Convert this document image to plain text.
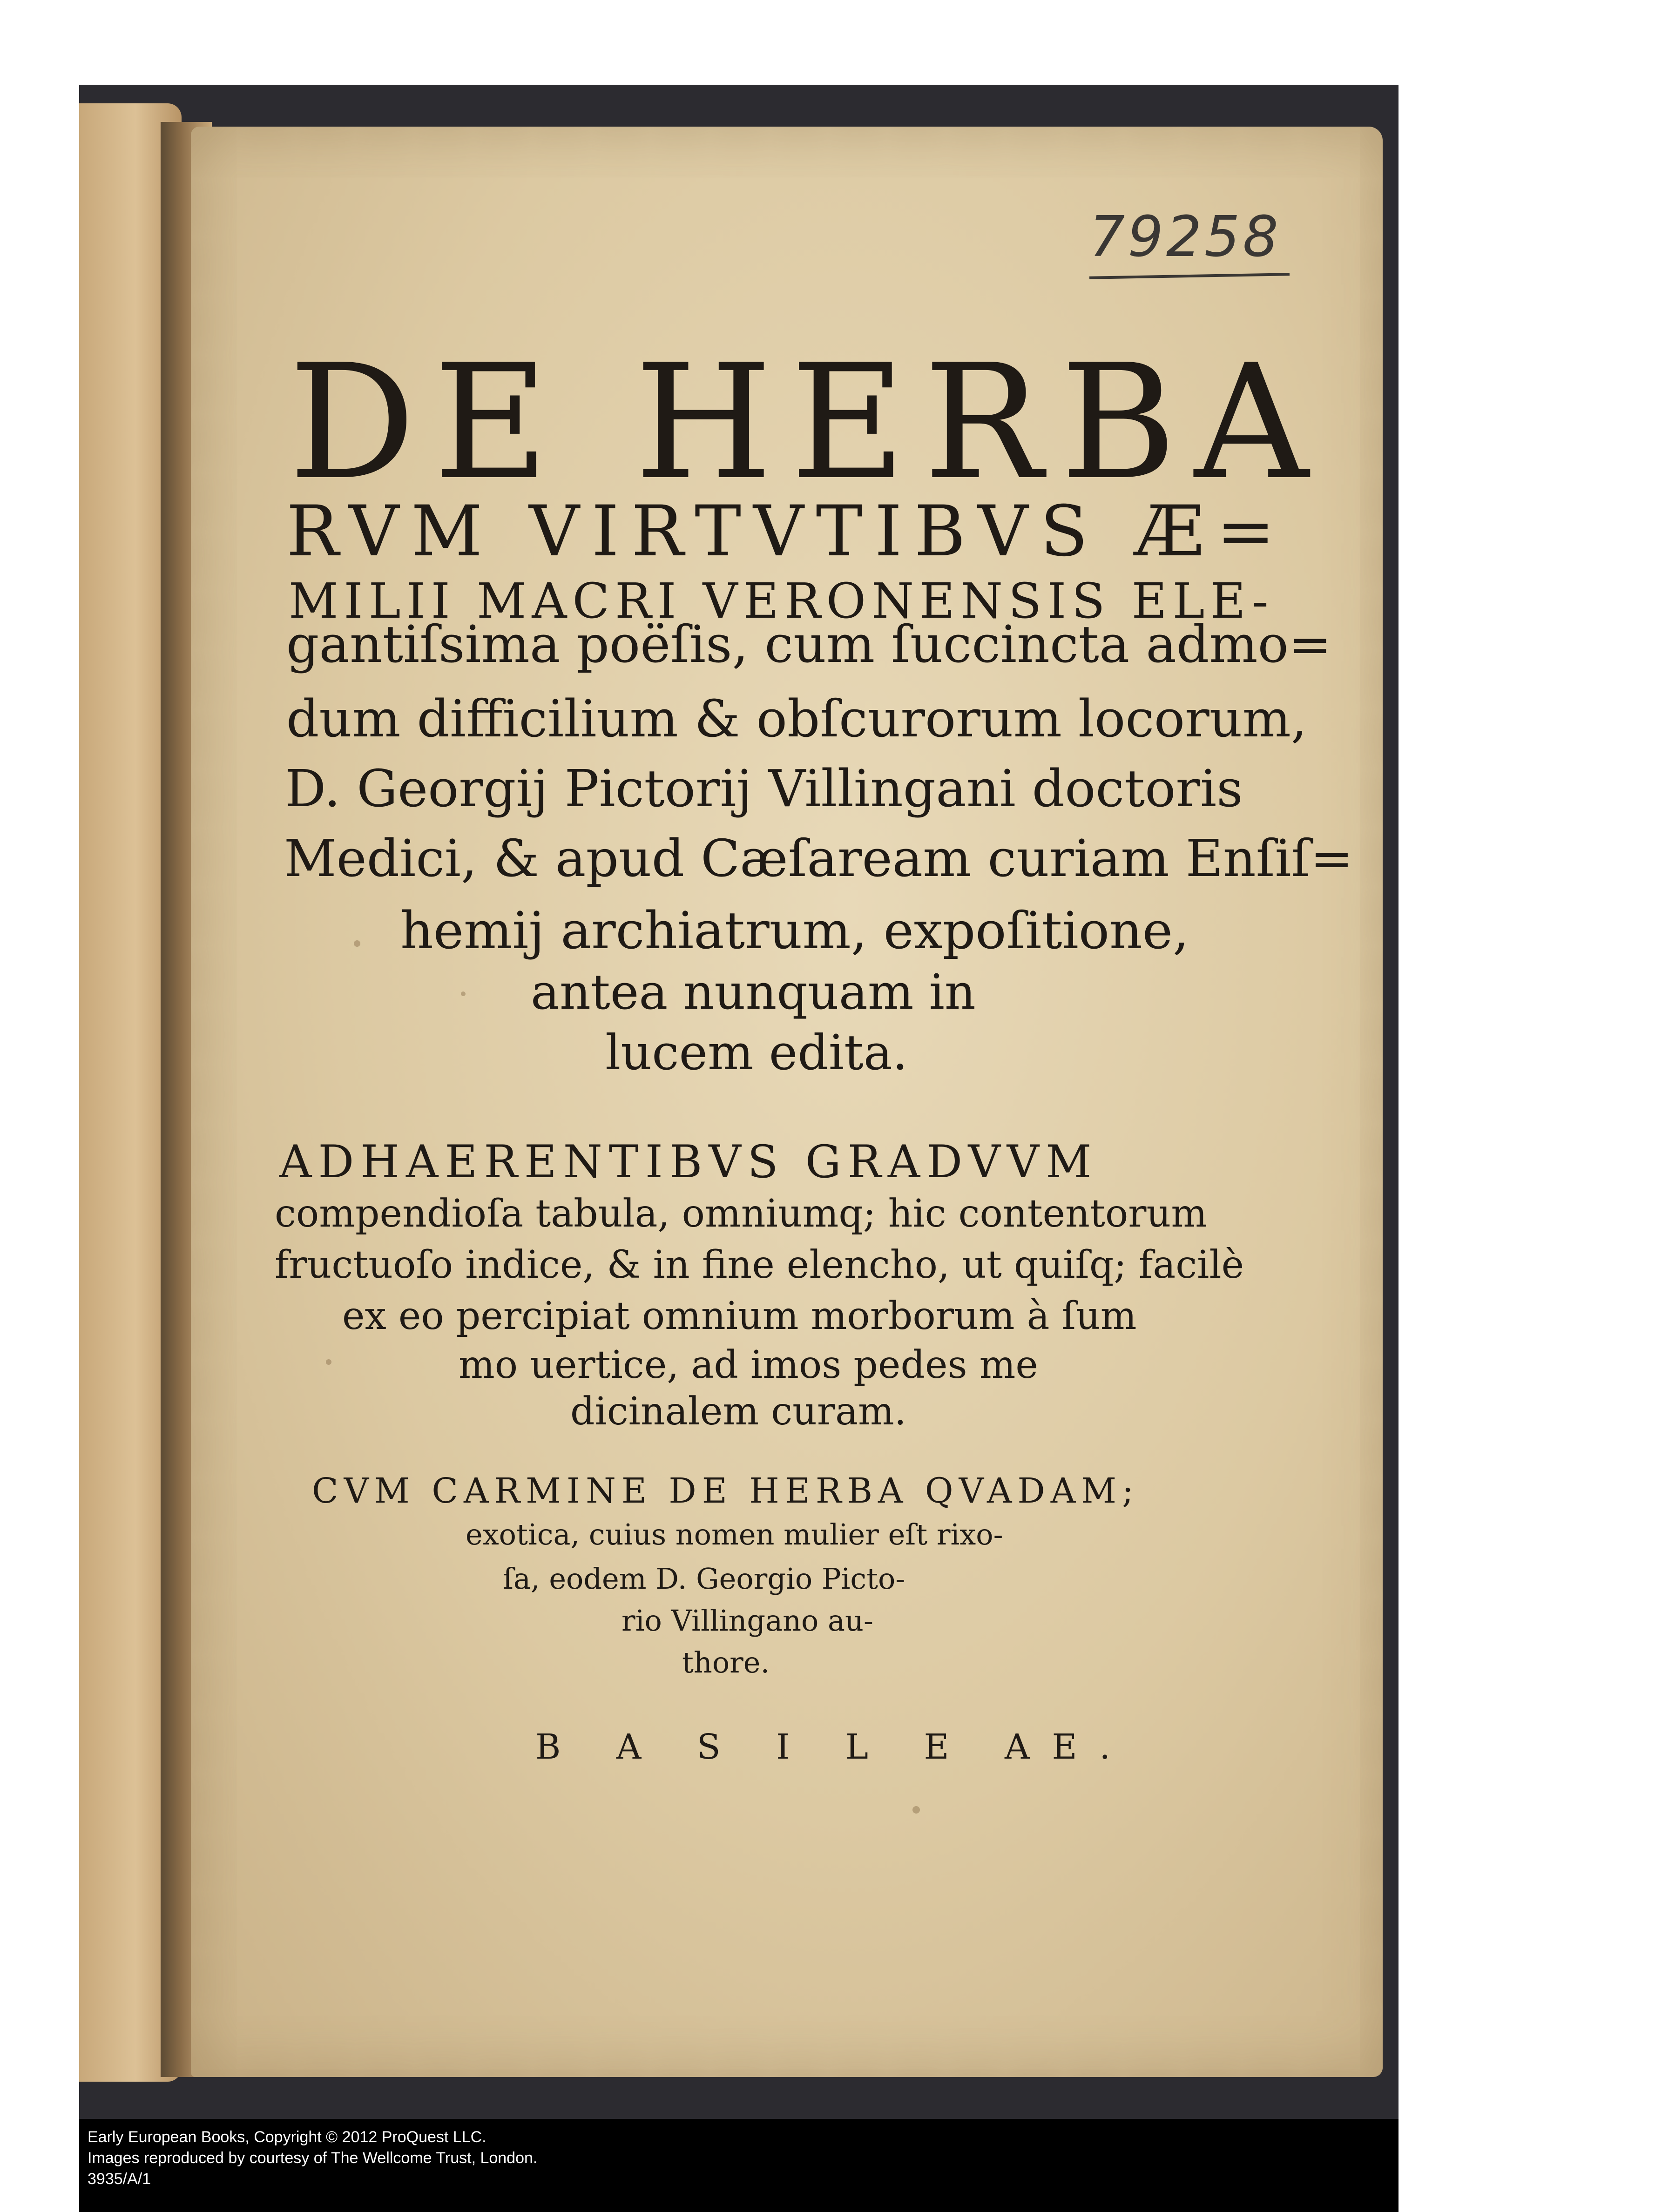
79258
DE HERBA
RVM VIRTVTIBVS Æ=
MILII MACRI VERONENSIS ELE-
gantiſsima poëſis, cum ſuccincta admo=
dum difficilium & obſcurorum locorum,
D. Georgij Pictorij Villingani doctoris
Medici, & apud Cæſaream curiam Enſiſ=
hemij archiatrum, expoſitione,
antea nunquam in
lucem edita.
ADHAERENTIBVS GRADVVM
compendioſa tabula, omniumq; hic contentorum
fructuoſo indice, & in fine elencho, ut quiſq; facilè
ex eo percipiat omnium morborum à ſum
mo uertice, ad imos pedes me
dicinalem curam.
CVM CARMINE DE HERBA QVADAM;
exotica, cuius nomen mulier eſt rixo-
ſa, eodem D. Georgio Picto-
rio Villingano au-
thore.
B A S I L E AE.
Early European Books, Copyright © 2012 ProQuest LLC.
Images reproduced by courtesy of The Wellcome Trust, London.
3935/A/1
